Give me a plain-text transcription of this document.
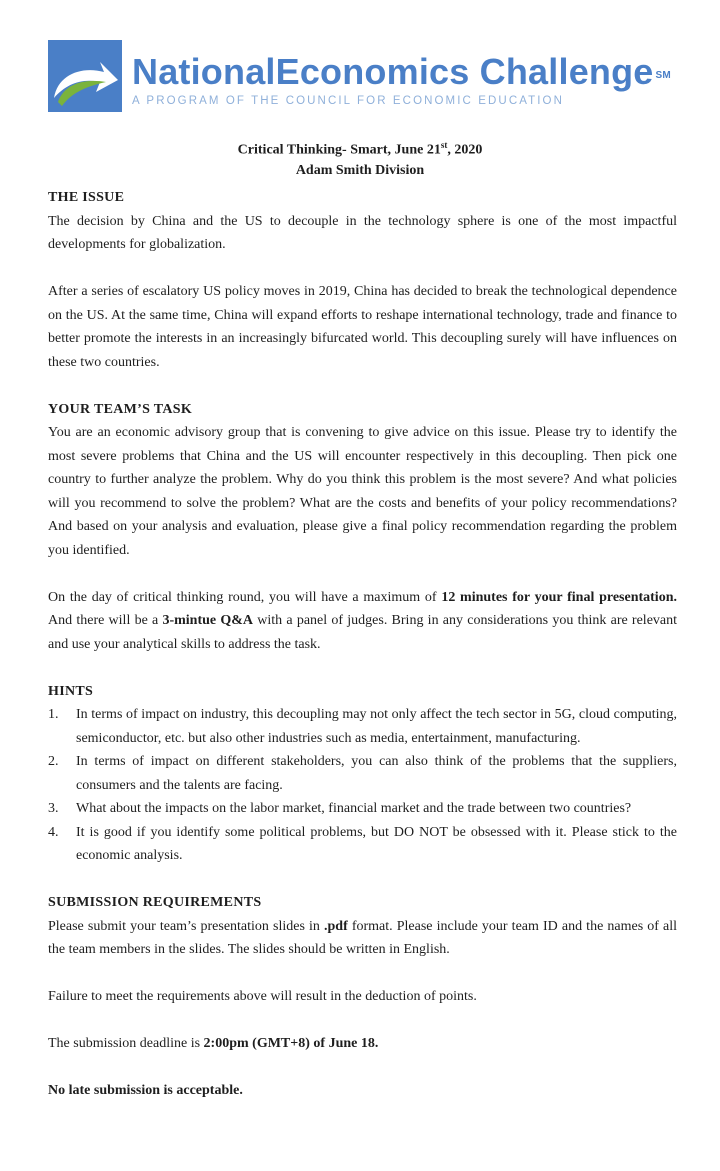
NationalEconomics Challenge ℠
A PROGRAM OF THE COUNCIL FOR ECONOMIC EDUCATION
Critical Thinking- Smart, June 21st, 2020
Adam Smith Division
THE ISSUE

The decision by China and the US to decouple in the technology sphere is one of the most impactful developments for globalization.

After a series of escalatory US policy moves in 2019, China has decided to break the technological dependence on the US. At the same time, China will expand efforts to reshape international technology, trade and finance to better promote the interests in an increasingly bifurcated world. This decoupling surely will have influences on these two countries.

YOUR TEAM’S TASK

You are an economic advisory group that is convening to give advice on this issue. Please try to identify the most severe problems that China and the US will encounter respectively in this decoupling. Then pick one country to further analyze the problem. Why do you think this problem is the most severe? And what policies will you recommend to solve the problem? What are the costs and benefits of your policy recommendations? And based on your analysis and evaluation, please give a final policy recommendation regarding the problem you identified.

On the day of critical thinking round, you will have a maximum of 12 minutes for your final presentation. And there will be a 3-mintue Q&A with a panel of judges. Bring in any considerations you think are relevant and use your analytical skills to address the task.

HINTS
1. In terms of impact on industry, this decoupling may not only affect the tech sector in 5G, cloud computing, semiconductor, etc. but also other industries such as media, entertainment, manufacturing.
2. In terms of impact on different stakeholders, you can also think of the problems that the suppliers, consumers and the talents are facing.
3. What about the impacts on the labor market, financial market and the trade between two countries?
4. It is good if you identify some political problems, but DO NOT be obsessed with it. Please stick to the economic analysis.
SUBMISSION REQUIREMENTS

Please submit your team’s presentation slides in .pdf format. Please include your team ID and the names of all the team members in the slides. The slides should be written in English.

Failure to meet the requirements above will result in the deduction of points.

The submission deadline is 2:00pm (GMT+8) of June 18.

No late submission is acceptable.
